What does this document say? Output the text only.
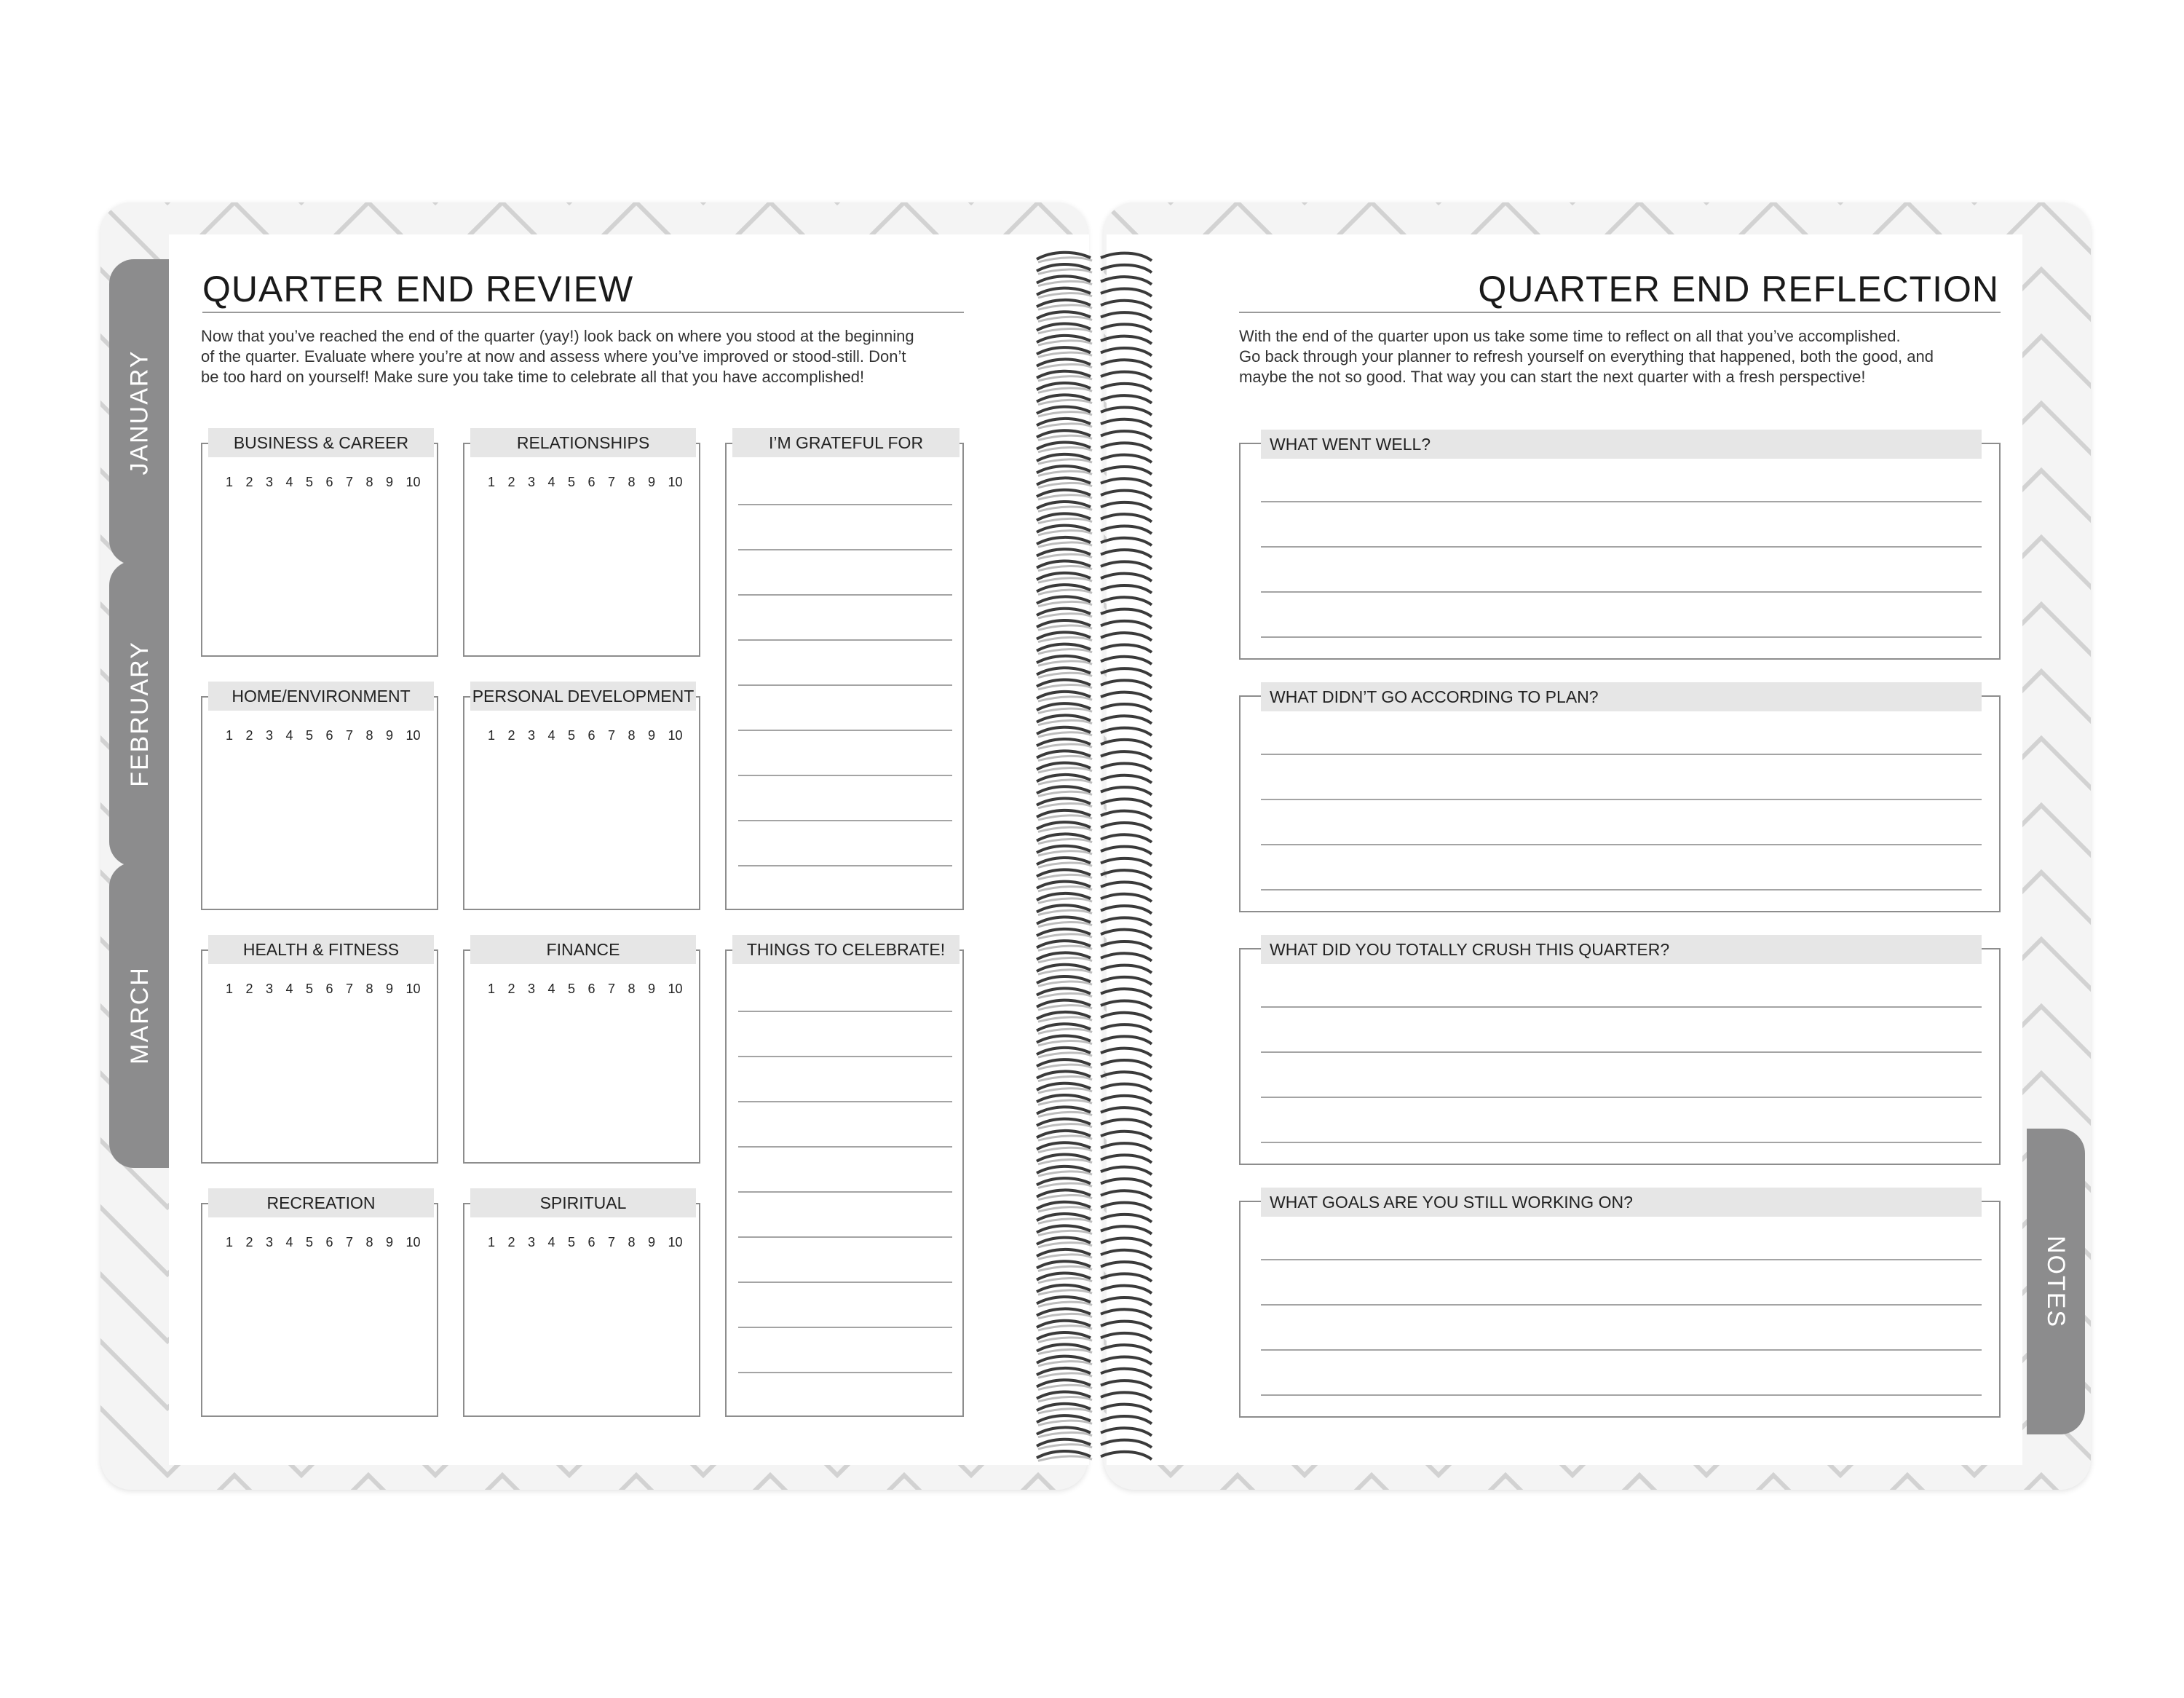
JANUARY
FEBRUARY
MARCH
NOTES
QUARTER END REVIEW
Now that you’ve reached the end of the quarter (yay!) look back on where you stood at the beginning
of the quarter. Evaluate where you’re at now and assess where you’ve improved or stood-still. Don’t
be too hard on yourself! Make sure you take time to celebrate all that you have accomplished!
BUSINESS & CAREER
1 2 3 4 5 6 7 8 9 10
RELATIONSHIPS
1 2 3 4 5 6 7 8 9 10
HOME/ENVIRONMENT
1 2 3 4 5 6 7 8 9 10
PERSONAL DEVELOPMENT
1 2 3 4 5 6 7 8 9 10
HEALTH & FITNESS
1 2 3 4 5 6 7 8 9 10
FINANCE
1 2 3 4 5 6 7 8 9 10
RECREATION
1 2 3 4 5 6 7 8 9 10
SPIRITUAL
1 2 3 4 5 6 7 8 9 10
I’M GRATEFUL FOR
THINGS TO CELEBRATE!
QUARTER END REFLECTION
With the end of the quarter upon us take some time to reflect on all that you’ve accomplished.
Go back through your planner to refresh yourself on everything that happened, both the good, and
maybe the not so good. That way you can start the next quarter with a fresh perspective!
WHAT WENT WELL?
WHAT DIDN’T GO ACCORDING TO PLAN?
WHAT DID YOU TOTALLY CRUSH THIS QUARTER?
WHAT GOALS ARE YOU STILL WORKING ON?
